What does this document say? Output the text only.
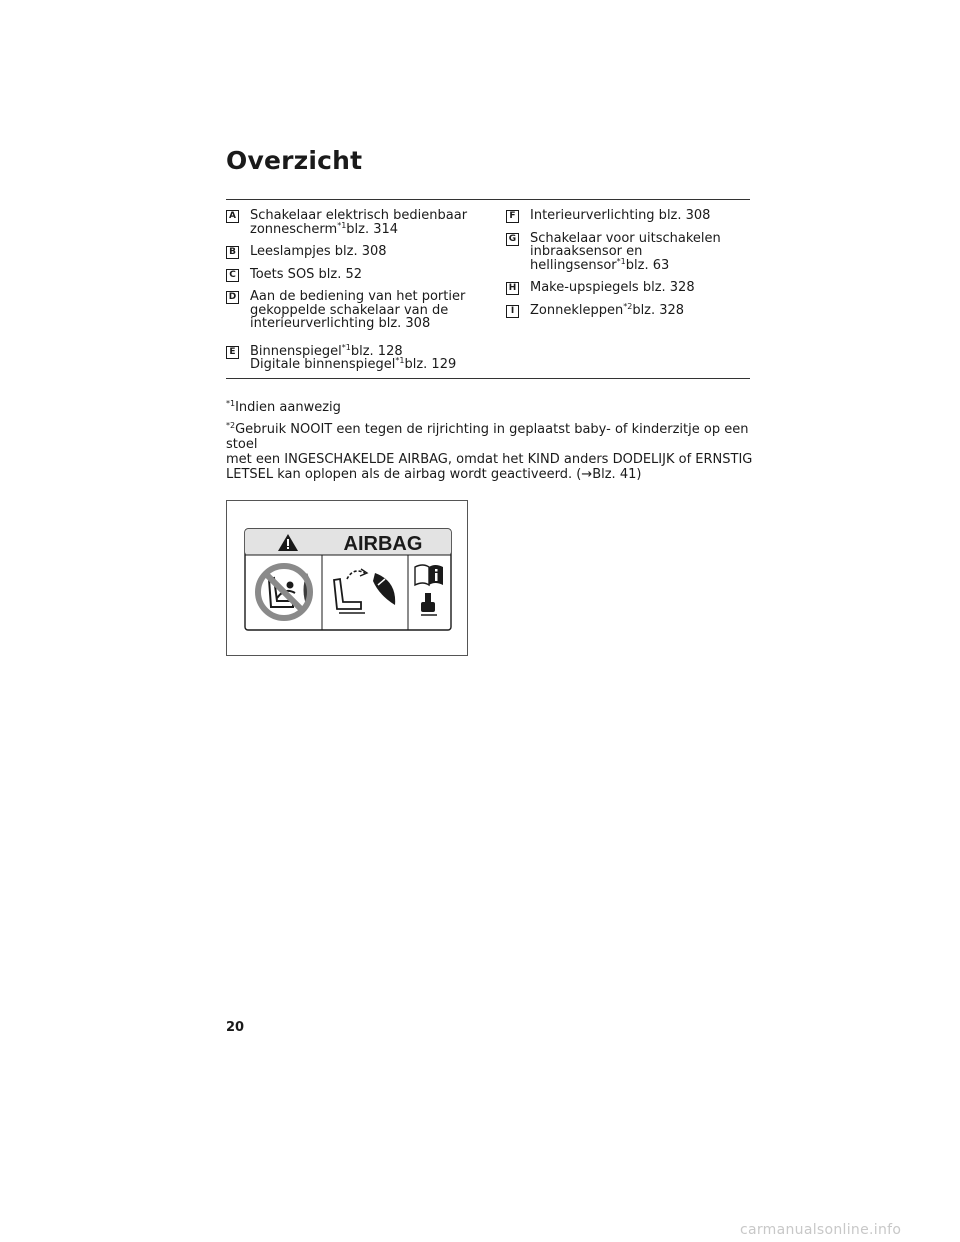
Overzicht
A Schakelaar elektrisch bedienbaar
zonnescherm$^{*1}$blz. 314
B Leeslampjes blz. 308
C Toets SOS blz. 52
D Aan de bediening van het portier
gekoppelde schakelaar van de
interieurverlichting blz. 308
E Binnenspiegel$^{*1}$blz. 128
Digitale binnenspiegel$^{*1}$blz. 129
F Interieurverlichting blz. 308
G Schakelaar voor uitschakelen
inbraaksensor en
hellingsensor$^{*1}$blz. 63
H Make-upspiegels blz. 328
I	Zonnekleppen$^{*2}$blz. 328

$^{*1}$Indien aanwezig

$^{*2}$Gebruik NOOIT een tegen de rijrichting in geplaatst baby- of kinderzitje op een stoel
met een INGESCHAKELDE AIRBAG, omdat het KIND anders DODELIJK of ERNSTIG
LETSEL kan oplopen als de airbag wordt geactiveerd. (→Blz. 41)

AIRBAG

20

carmanualsonline.info
